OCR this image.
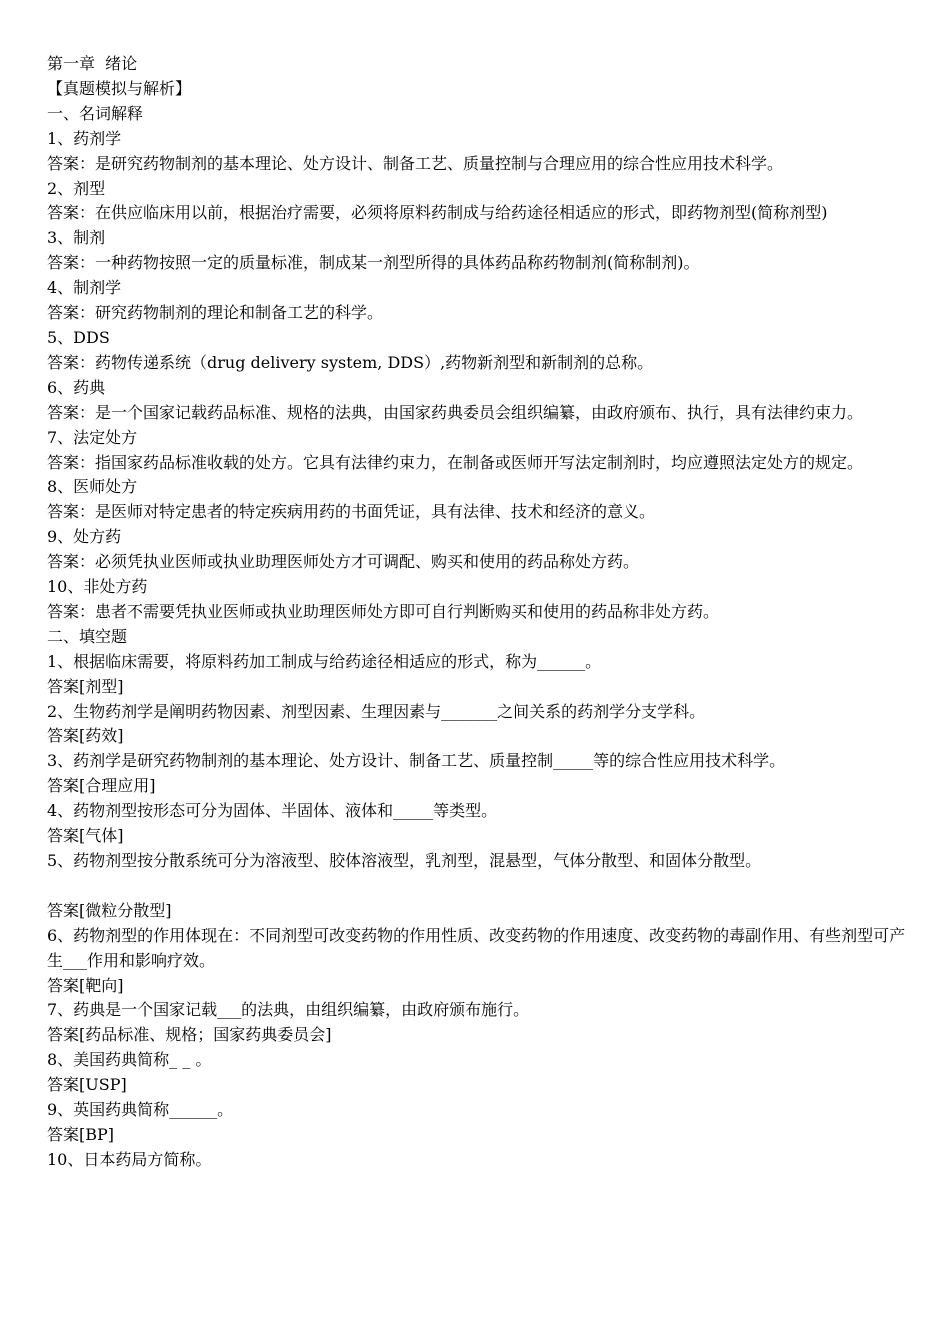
第一章  绪论

【真题模拟与解析】

一、名词解释

1、药剂学

答案：是研究药物制剂的基本理论、处方设计、制备工艺、质量控制与合理应用的综合性应用技术科学。

2、剂型

答案：在供应临床用以前，根据治疗需要，必须将原料药制成与给药途径相适应的形式，即药物剂型(简称剂型)

3、制剂

答案：一种药物按照一定的质量标准，制成某一剂型所得的具体药品称药物制剂(简称制剂)。

4、制剂学

答案：研究药物制剂的理论和制备工艺的科学。

5、DDS

答案：药物传递系统（drug delivery system, DDS）,药物新剂型和新制剂的总称。

6、药典

答案：是一个国家记载药品标准、规格的法典，由国家药典委员会组织编纂，由政府颁布、执行，具有法律约束力。

7、法定处方

答案：指国家药品标准收载的处方。它具有法律约束力，在制备或医师开写法定制剂时，均应遵照法定处方的规定。

8、医师处方

答案：是医师对特定患者的特定疾病用药的书面凭证，具有法律、技术和经济的意义。

9、处方药

答案：必须凭执业医师或执业助理医师处方才可调配、购买和使用的药品称处方药。

10、非处方药

答案：患者不需要凭执业医师或执业助理医师处方即可自行判断购买和使用的药品称非处方药。

二、填空题

1、根据临床需要，将原料药加工制成与给药途径相适应的形式，称为______。

答案[剂型]

2、生物药剂学是阐明药物因素、剂型因素、生理因素与_______之间关系的药剂学分支学科。

答案[药效]

3、药剂学是研究药物制剂的基本理论、处方设计、制备工艺、质量控制_____等的综合性应用技术科学。

答案[合理应用]

4、药物剂型按形态可分为固体、半固体、液体和_____等类型。

答案[气体]

5、药物剂型按分散系统可分为溶液型、胶体溶液型，乳剂型，混悬型，气体分散型、和固体分散型。

答案[微粒分散型]

6、药物剂型的作用体现在：不同剂型可改变药物的作用性质、改变药物的作用速度、改变药物的毒副作用、有些剂型可产生___作用和影响疗效。

答案[靶向]

7、药典是一个国家记载___的法典，由组织编纂，由政府颁布施行。

答案[药品标准、规格；国家药典委员会]

8、美国药典简称_ _ 。

答案[USP]

9、英国药典简称______。

答案[BP]

10、日本药局方简称。
